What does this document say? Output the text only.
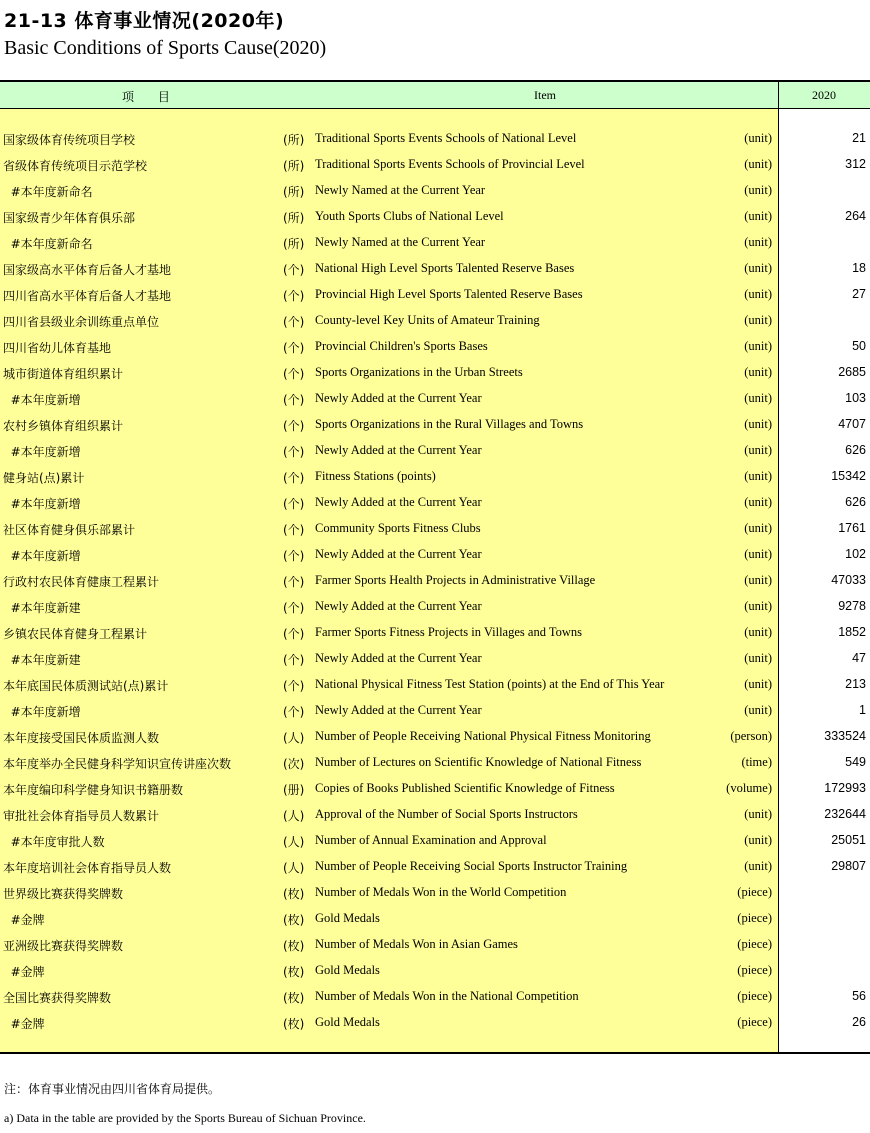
21-13 体育事业情况(2020年)
Basic Conditions of Sports Cause(2020)
项 目	Item	2020
国家级体育传统项目学校	(所) Traditional Sports Events Schools of National Level	(unit)	21
省级体育传统项目示范学校	(所) Traditional Sports Events Schools of Provincial Level	(unit)	312
#本年度新命名	(所) Newly Named at the Current Year	(unit)
国家级青少年体育俱乐部	(所) Youth Sports Clubs of National Level	(unit)	264
#本年度新命名	(所) Newly Named at the Current Year	(unit)
国家级高水平体育后备人才基地	(个) National High Level Sports Talented Reserve Bases	(unit)	18
四川省高水平体育后备人才基地	(个) Provincial High Level Sports Talented Reserve Bases	(unit)	27
四川省县级业余训练重点单位	(个) County-level Key Units of Amateur Training	(unit)
四川省幼儿体育基地	(个) Provincial Children's Sports Bases	(unit)	50
城市街道体育组织累计	(个) Sports Organizations in the Urban Streets	(unit)	2685
#本年度新增	(个) Newly Added at the Current Year	(unit)	103
农村乡镇体育组织累计	(个) Sports Organizations in the Rural Villages and Towns	(unit)	4707
#本年度新增	(个) Newly Added at the Current Year	(unit)	626
健身站(点)累计	(个) Fitness Stations (points)	(unit)	15342
#本年度新增	(个) Newly Added at the Current Year	(unit)	626
社区体育健身俱乐部累计	(个) Community Sports Fitness Clubs	(unit)	1761
#本年度新增	(个) Newly Added at the Current Year	(unit)	102
行政村农民体育健康工程累计	(个) Farmer Sports Health Projects in Administrative Village	(unit)	47033
#本年度新建	(个) Newly Added at the Current Year	(unit)	9278
乡镇农民体育健身工程累计	(个) Farmer Sports Fitness Projects in Villages and Towns	(unit)	1852
#本年度新建	(个) Newly Added at the Current Year	(unit)	47
本年底国民体质测试站(点)累计	(个) National Physical Fitness Test Station (points) at the End of This Year	(unit)	213
#本年度新增	(个) Newly Added at the Current Year	(unit)	1
本年度接受国民体质监测人数	(人) Number of People Receiving National Physical Fitness Monitoring	(person)	333524
本年度举办全民健身科学知识宣传讲座次数	(次) Number of Lectures on Scientific Knowledge of National Fitness	(time)	549
本年度编印科学健身知识书籍册数	(册) Copies of Books Published Scientific Knowledge of Fitness	(volume)	172993
审批社会体育指导员人数累计	(人) Approval of the Number of Social Sports Instructors	(unit)	232644
#本年度审批人数	(人) Number of Annual Examination and Approval	(unit)	25051
本年度培训社会体育指导员人数	(人) Number of People Receiving Social Sports Instructor Training	(unit)	29807
世界级比赛获得奖牌数	(枚) Number of Medals Won in the World Competition	(piece)
#金牌	(枚) Gold Medals	(piece)
亚洲级比赛获得奖牌数	(枚) Number of Medals Won in Asian Games	(piece)
#金牌	(枚) Gold Medals	(piece)
全国比赛获得奖牌数	(枚) Number of Medals Won in the National Competition	(piece)	56
#金牌	(枚) Gold Medals	(piece)	26
注：体育事业情况由四川省体育局提供。
a) Data in the table are provided by the Sports Bureau of Sichuan Province.
